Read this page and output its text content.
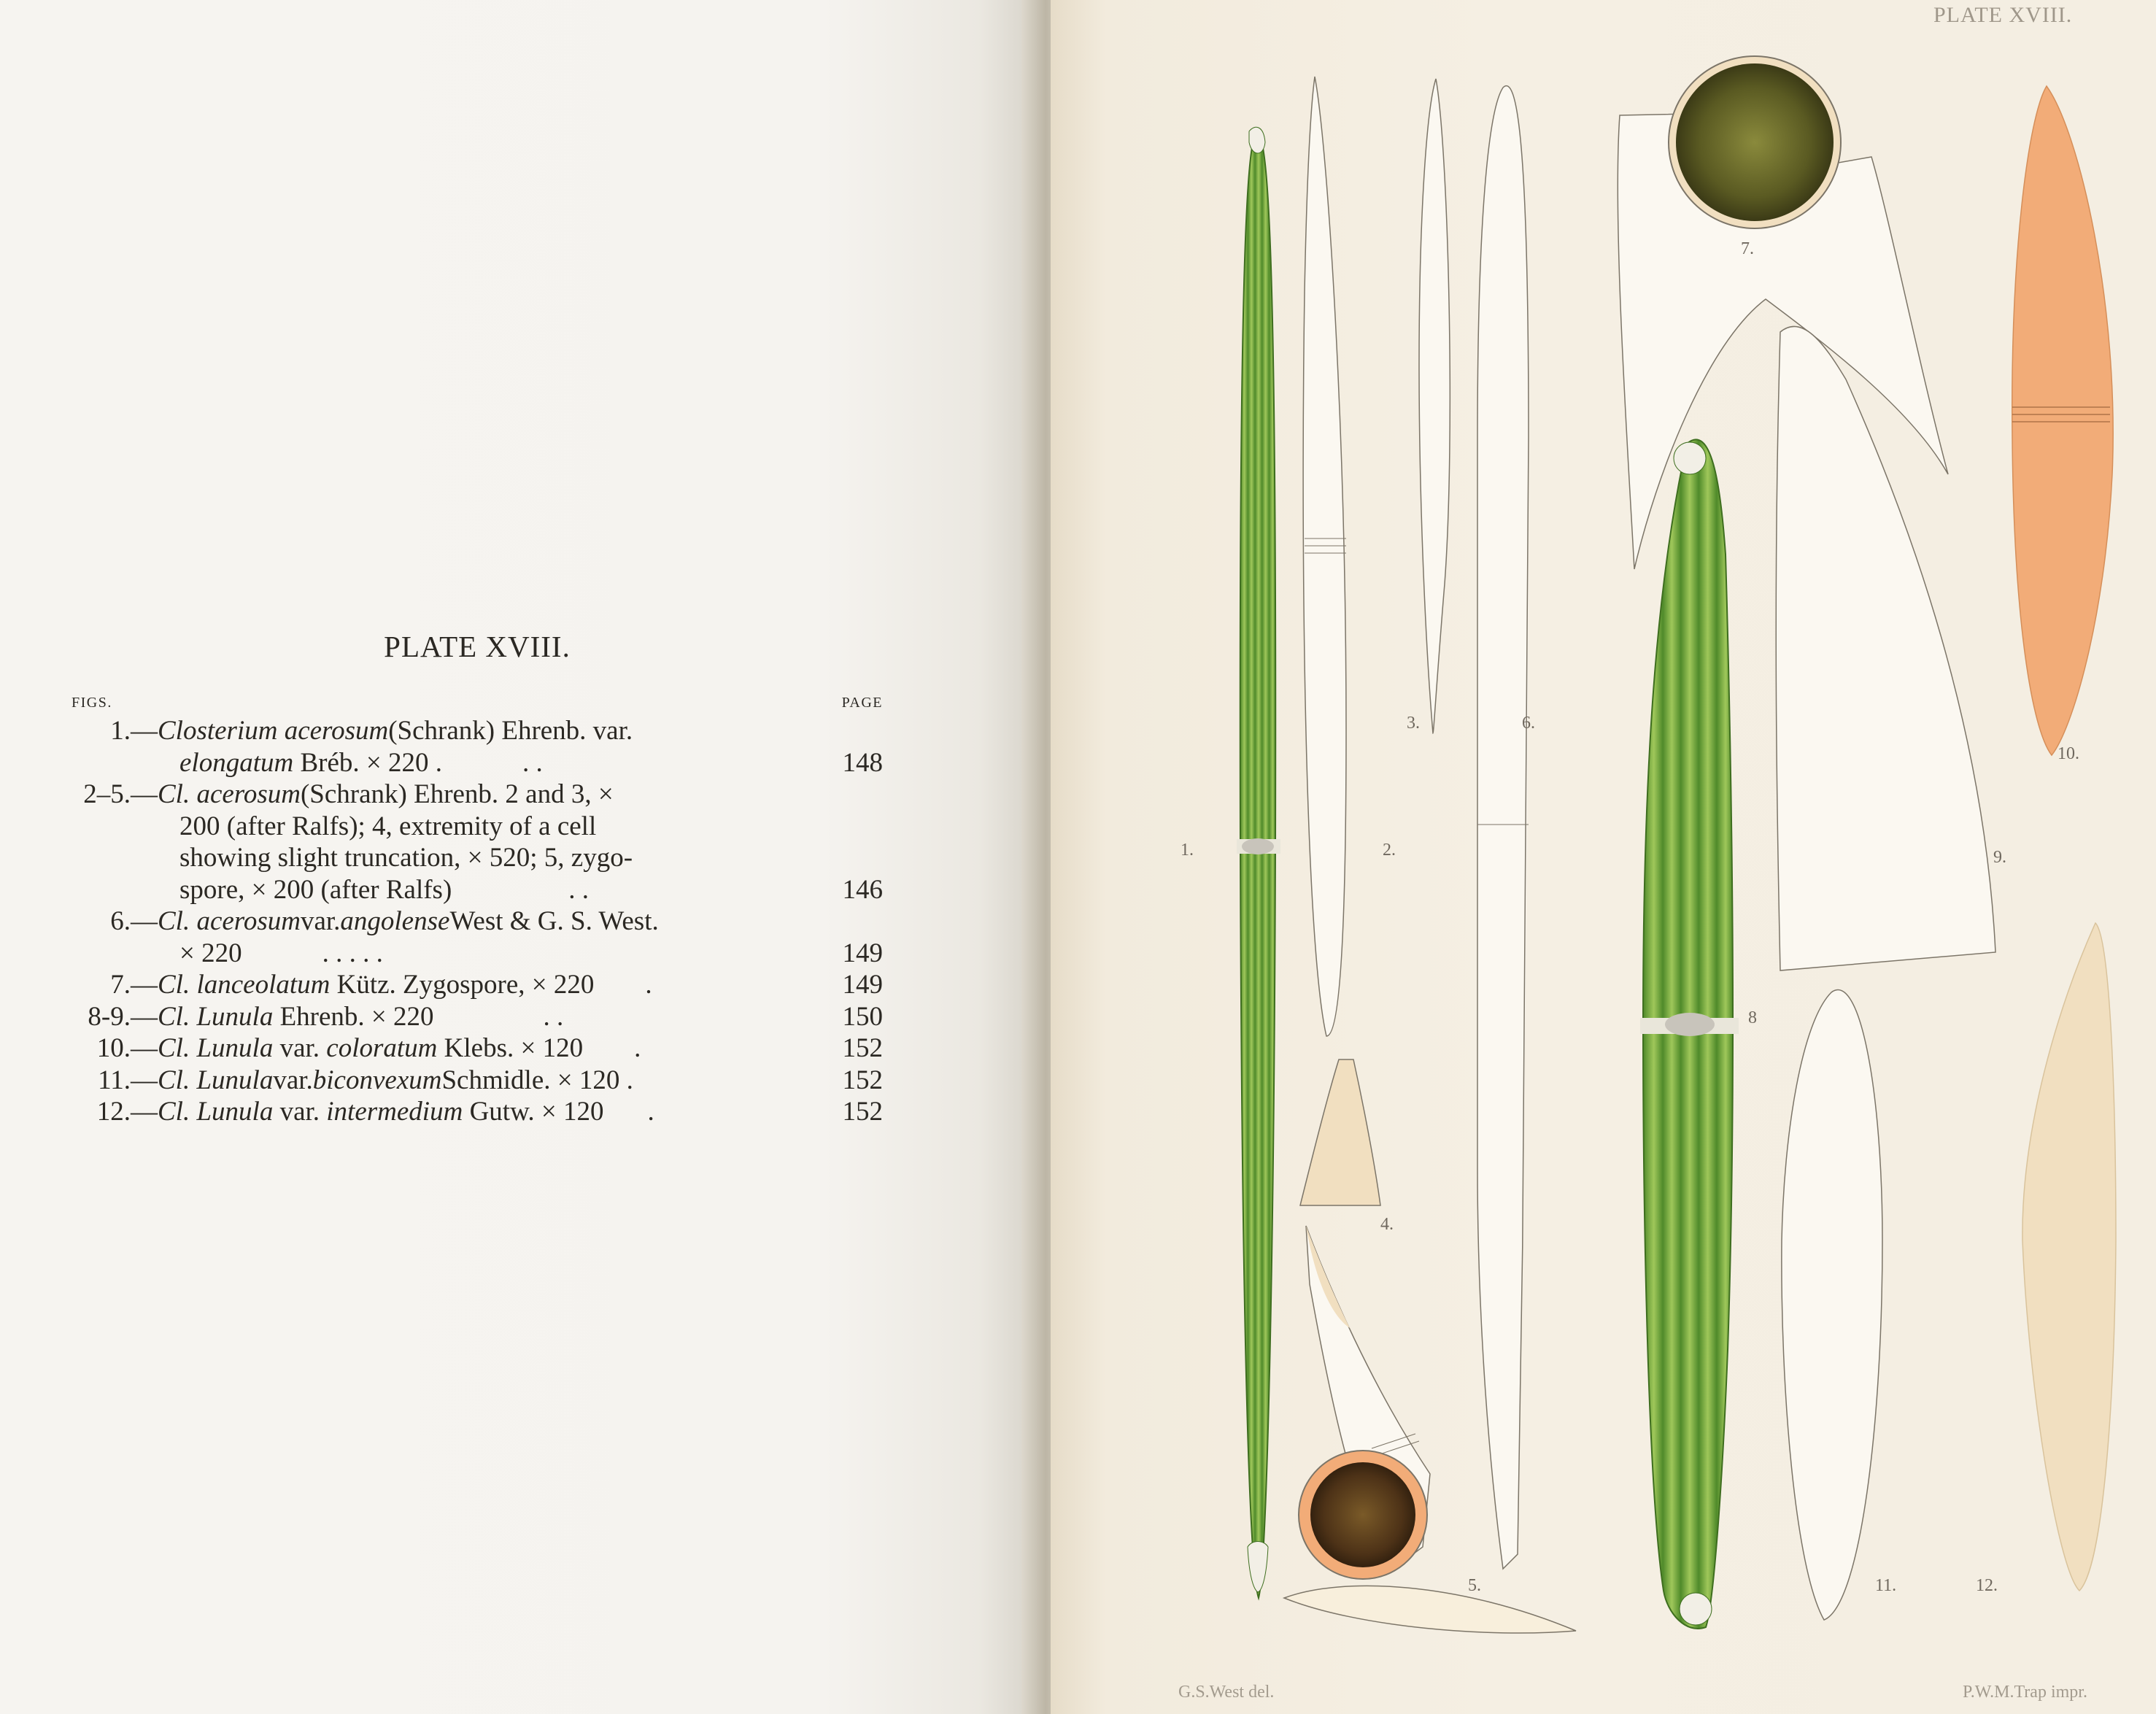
PLATE XVIII.
FIGS.	PAGE
1.— Closterium acerosum (Schrank) Ehrenb. var.
elongatum Bréb. × 220 .	. .	148
2–5.— Cl. acerosum (Schrank) Ehrenb. 2 and 3, ×
200 (after Ralfs); 4, extremity of a cell
showing slight truncation, × 520; 5, zygo-
spore, × 200 (after Ralfs)	. .	146
6.— Cl. acerosum var. angolense West & G. S. West.
× 220	. . . . .	149
7.— Cl. lanceolatum Kütz. Zygospore, × 220 .	149
8-9.— Cl. Lunula Ehrenb. × 220	. .	150
10.— Cl. Lunula var. coloratum Klebs. × 120 .	152
11.— Cl. Lunula var. biconvexum Schmidle. × 120 .	152
12.— Cl. Lunula var. intermedium Gutw. × 120 .	152
PLATE XVIII.
1.	2.
3.
4.
5.
6.
7.
8
9.
10.
11.	12.
G.S.West del.	P.W.M.Trap impr.
